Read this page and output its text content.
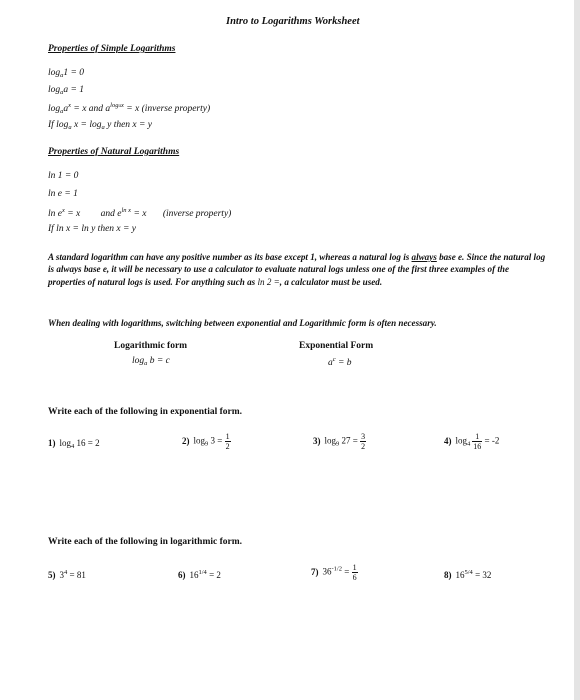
Intro to Logarithms Worksheet
Properties of Simple Logarithms
$\log_a1 = 0$
$\log_aa = 1$
$\log_aa^x = x$ and $a^{logax} = x$ (inverse property)
If $\log_a x = \log_a y$ then x = y
Properties of Natural Logarithms
ln 1 = 0
ln e = 1
$\ln e^x = x$ and $e^{ln x} = x$ (inverse property)
If ln x = ln y then x = y
A standard logarithm can have any positive number as its base except 1, whereas a natural log is always base e. Since the natural log is always base e, it will be necessary to use a calculator to evaluate natural logs unless one of the first three examples of the properties of natural logs is used. For anything such as ln 2 =, a calculator must be used.
When dealing with logarithms, switching between exponential and Logarithmic form is often necessary.
Logarithmic form
$\log_a b = c$
Exponential Form
$a^c = b$
Write each of the following in exponential form.
1) $\log_4 16 = 2$	2) $\log_9 3 = \frac{1}{2}$	3) $\log_9 27 = \frac{3}{2}$	4) $\log_4 \frac{1}{16} = -2$
Write each of the following in logarithmic form.
5) $3^4 = 81$	6) $16^{1/4} = 2$	7) $36^{-1/2} = \frac{1}{6}$	8) $16^{5/4} = 32$
